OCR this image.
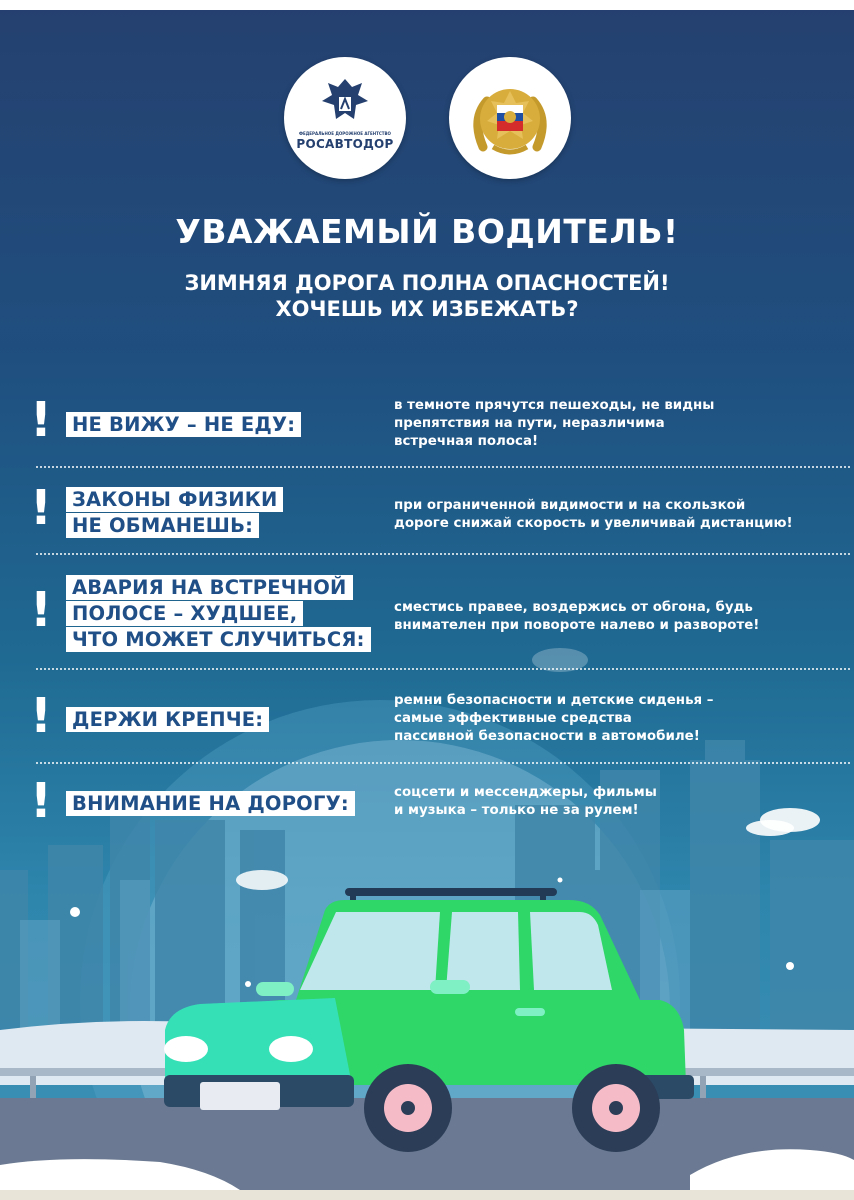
ФЕДЕРАЛЬНОЕ ДОРОЖНОЕ АГЕНТСТВО
РОСАВТОДОР
УВАЖАЕМЫЙ ВОДИТЕЛЬ!
ЗИМНЯЯ ДОРОГА ПОЛНА ОПАСНОСТЕЙ!
ХОЧЕШЬ ИХ ИЗБЕЖАТЬ?
!	НЕ ВИЖУ – НЕ ЕДУ:
в темноте прячутся пешеходы, не видны
препятствия на пути, неразличима
встречная полоса!
!	ЗАКОНЫ ФИЗИКИ
НЕ ОБМАНЕШЬ:
при ограниченной видимости и на скользкой
дороге снижай скорость и увеличивай дистанцию!
!	АВАРИЯ НА ВСТРЕЧНОЙ
ПОЛОСЕ – ХУДШЕЕ,
ЧТО МОЖЕТ СЛУЧИТЬСЯ:
сместись правее, воздержись от обгона, будь
внимателен при повороте налево и развороте!
!	ДЕРЖИ КРЕПЧЕ:
ремни безопасности и детские сиденья –
самые эффективные средства
пассивной безопасности в автомобиле!
!	ВНИМАНИЕ НА ДОРОГУ:	соцсети и мессенджеры, фильмы
и музыка – только не за рулем!
